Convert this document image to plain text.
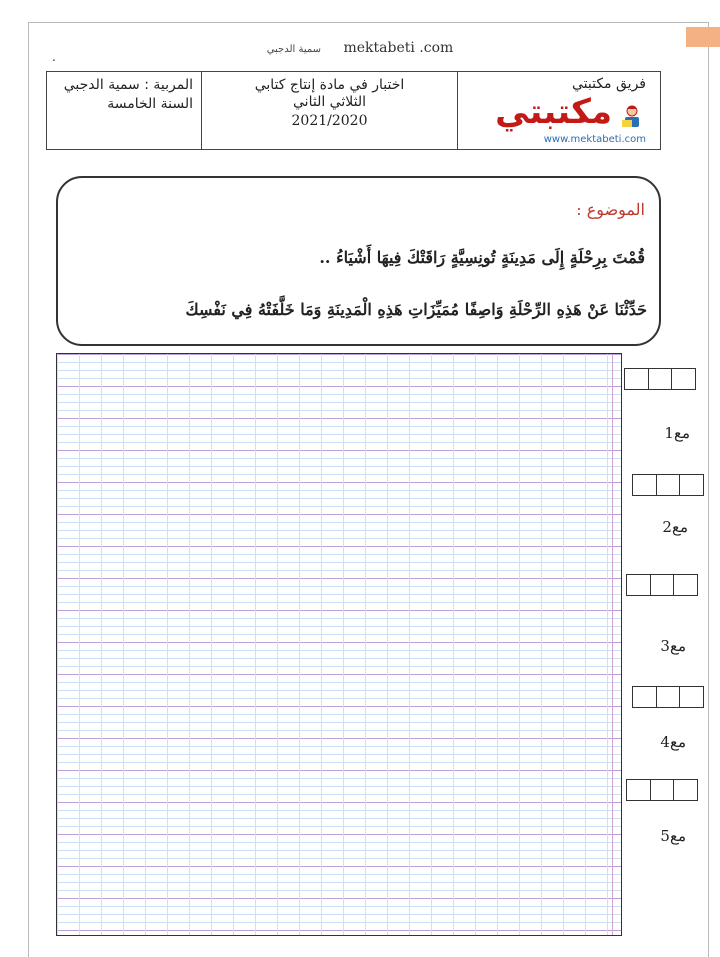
سمية الدجبي mektabeti .com
.
فريق مكتبتي
مكتبتي
www.mektabeti.com
اختبار في مادة إنتاج كتابي
الثلاثي الثاني
2021/2020
المربية : سمية الدجبي
السنة الخامسة
الموضوع :
قُمْتَ بِرِحْلَةٍ إِلَى مَدِينَةٍ تُونِسِيَّةٍ رَاقَتْكَ فِيهَا أَشْيَاءُ ..
حَدِّثْنَا عَنْ هَذِهِ الرِّحْلَةِ وَاصِفًا مُمَيِّزَاتِ هَذِهِ الْمَدِينَةِ وَمَا خَلَّفَتْهُ فِي نَفْسِكَ
مع1
مع2
مع3
مع4
مع5
